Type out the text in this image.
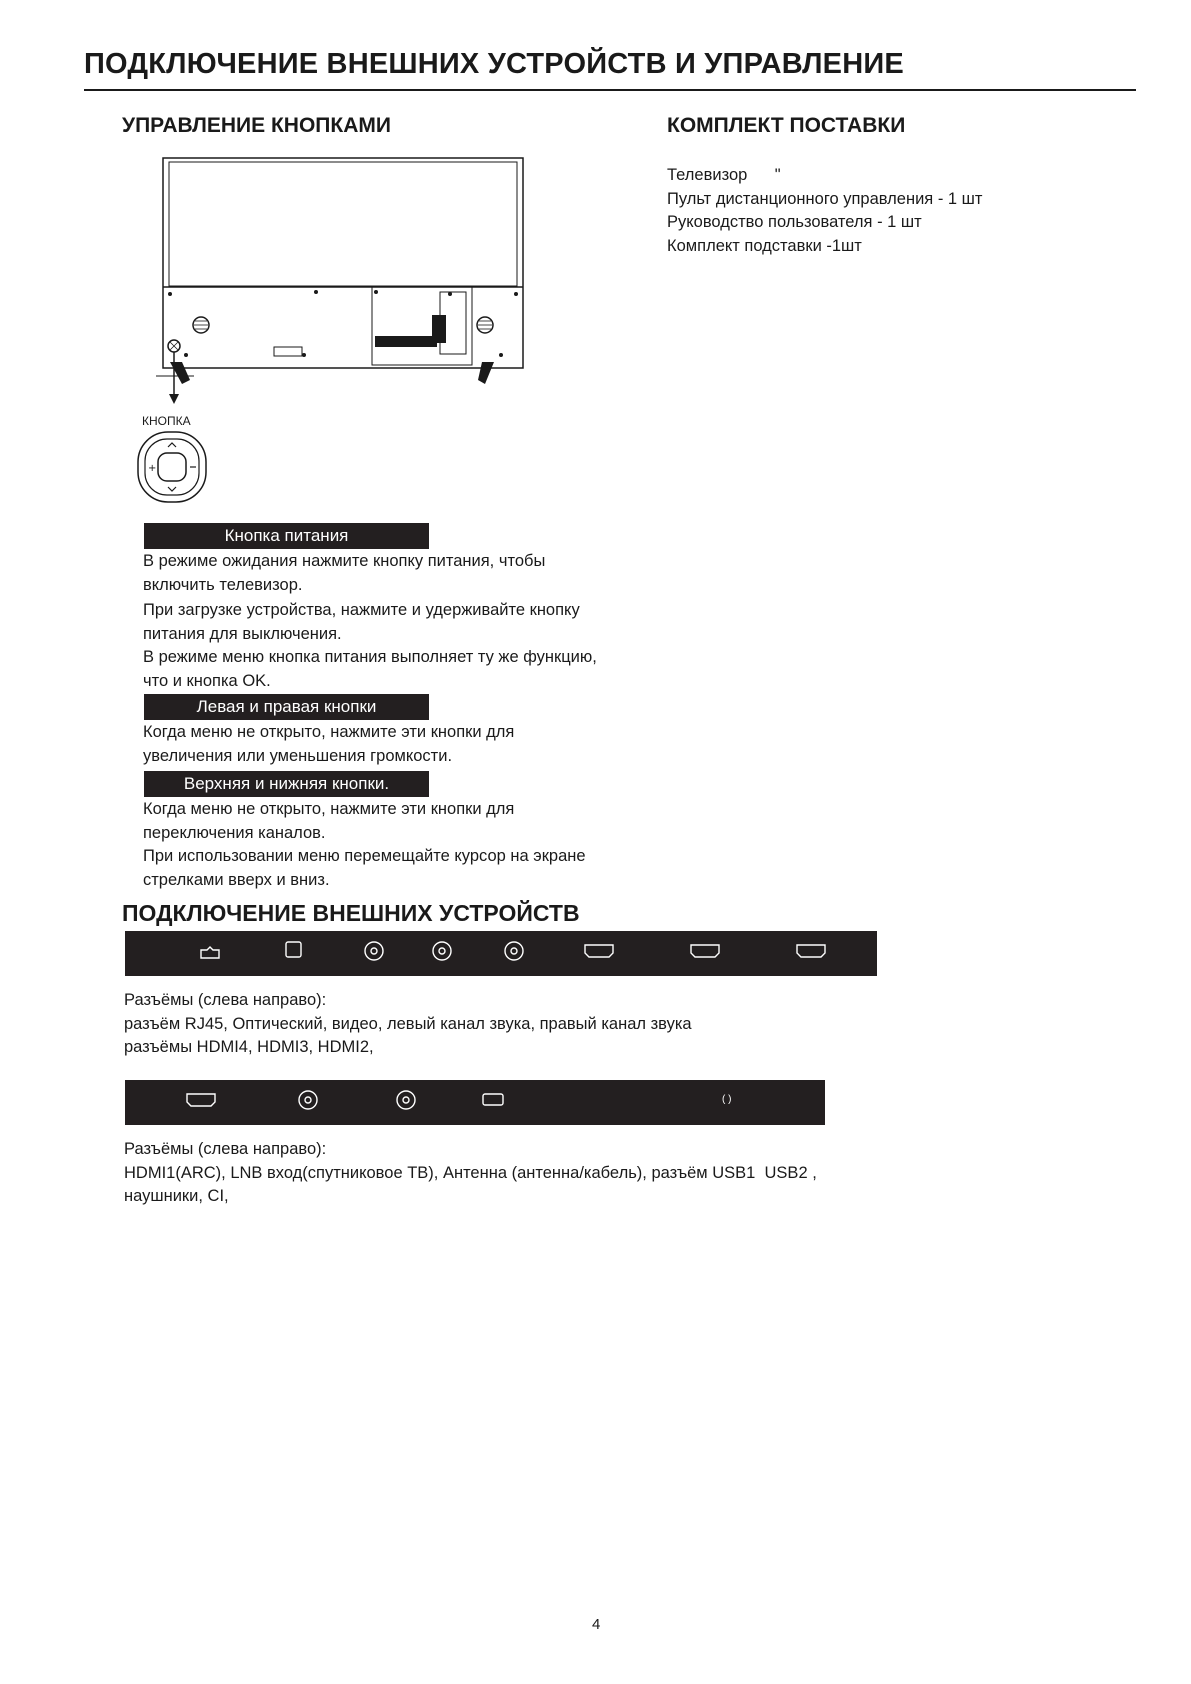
ПОДКЛЮЧЕНИЕ ВНЕШНИХ УСТРОЙСТВ И УПРАВЛЕНИЕ
УПРАВЛЕНИЕ КНОПКАМИ	КОМПЛЕКТ ПОСТАВКИ
КНОПКА
+
Кнопка питания
В режиме ожидания нажмите кнопку питания, чтобы
включить телевизор.
При загрузке устройства, нажмите и удерживайте кнопку
питания для выключения.
В режиме меню кнопка питания выполняет ту же функцию,
что и кнопка OK.
Левая и правая кнопки
Когда меню не открыто, нажмите эти кнопки для
увеличения или уменьшения громкости.
Верхняя и нижняя кнопки.
Когда меню не открыто, нажмите эти кнопки для
переключения каналов.
При использовании меню перемещайте курсор на экране
стрелками вверх и вниз.
Телевизор      "
Пульт дистанционного управления - 1 шт
Руководство пользователя - 1 шт
Комплект подставки -1шт
ПОДКЛЮЧЕНИЕ ВНЕШНИХ УСТРОЙСТВ
Разъёмы (слева направо):
разъём RJ45, Оптический, видео, левый канал звука, правый канал звука
разъёмы HDMI4, HDMI3, HDMI2,
( )
Разъёмы (слева направо):
HDMI1(ARC), LNB вход(спутниковое ТВ), Антенна (антенна/кабель), разъём USB1  USB2 ,
наушники, CI,
4
